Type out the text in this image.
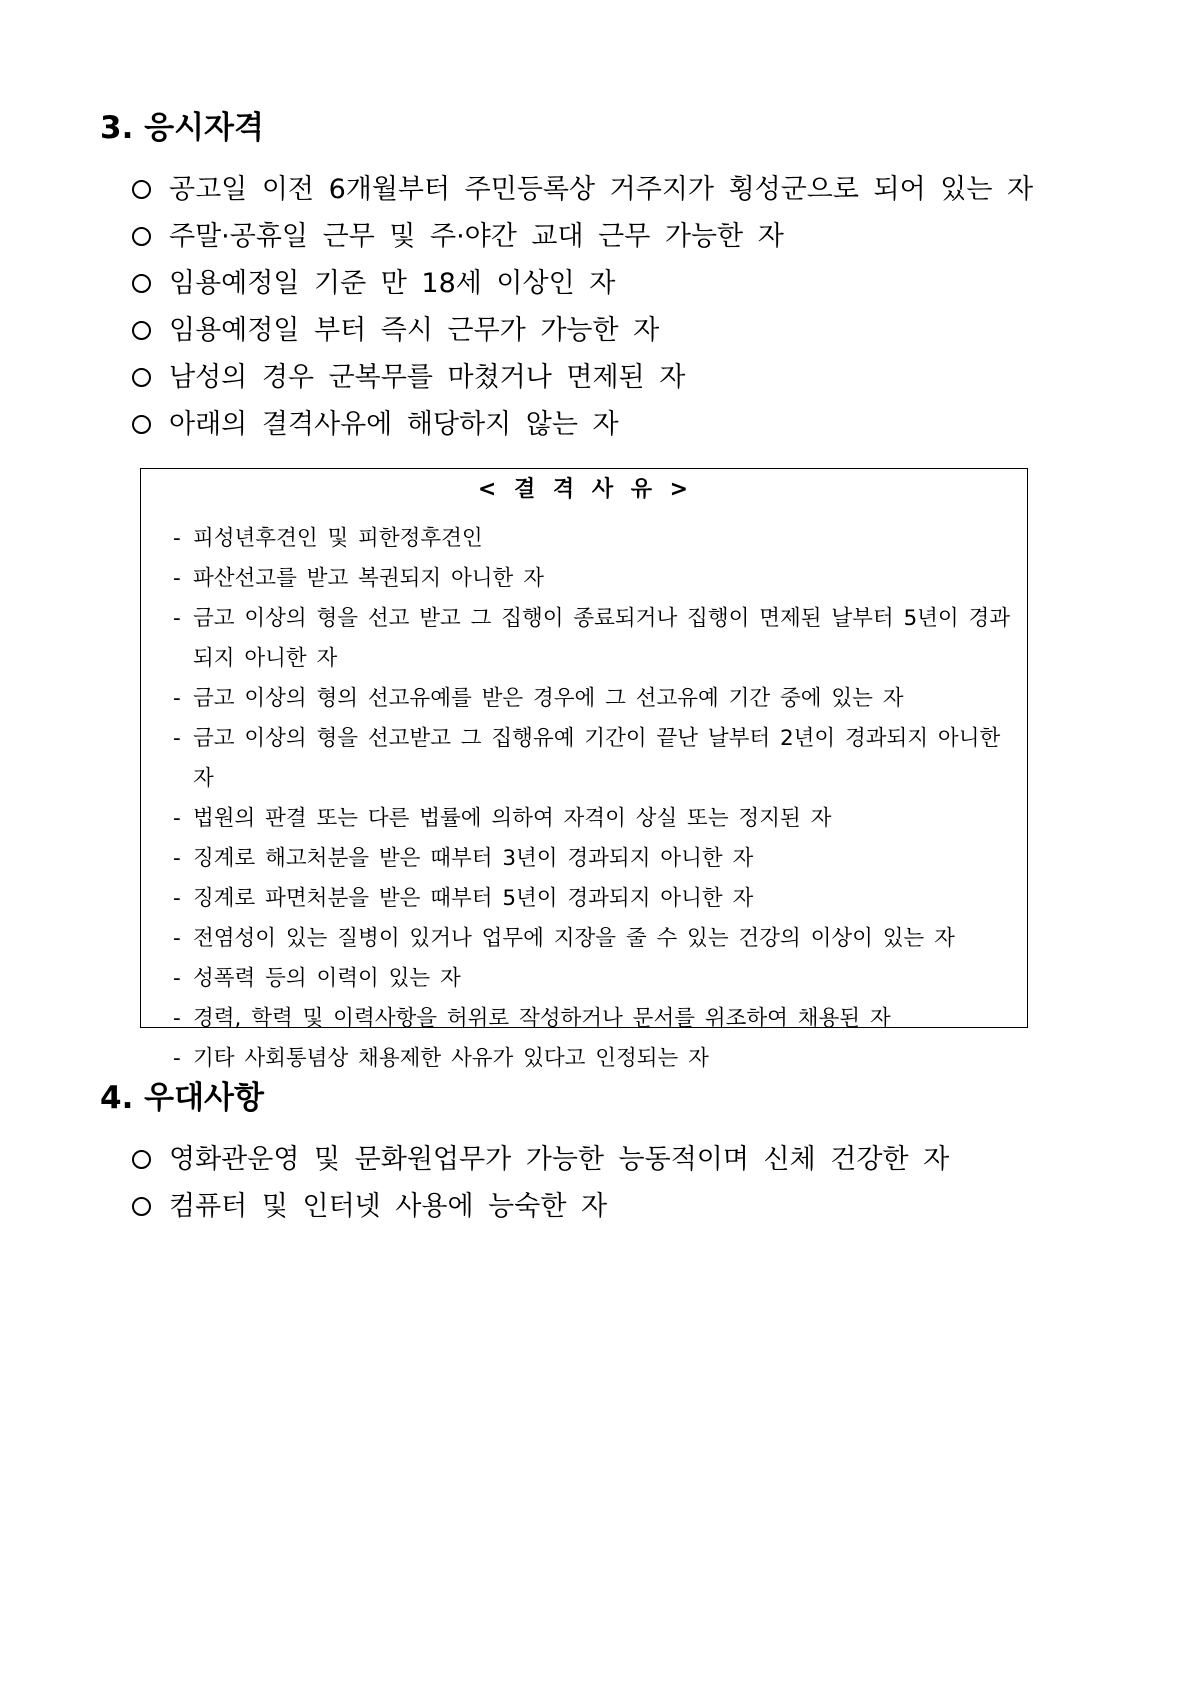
3. 응시자격
공고일 이전 6개월부터 주민등록상 거주지가 횡성군으로 되어 있는 자
주말·공휴일 근무 및 주·야간 교대 근무 가능한 자
임용예정일 기준 만 18세 이상인 자
임용예정일 부터 즉시 근무가 가능한 자
남성의 경우 군복무를 마쳤거나 면제된 자
아래의 결격사유에 해당하지 않는 자

< 결 격 사 유 >

- 피성년후견인 및 피한정후견인
- 파산선고를 받고 복권되지 아니한 자
- 금고 이상의 형을 선고 받고 그 집행이 종료되거나 집행이 면제된 날부터 5년이 경과되지 아니한 자
- 금고 이상의 형의 선고유예를 받은 경우에 그 선고유예 기간 중에 있는 자
- 금고 이상의 형을 선고받고 그 집행유예 기간이 끝난 날부터 2년이 경과되지 아니한 자
- 법원의 판결 또는 다른 법률에 의하여 자격이 상실 또는 정지된 자
- 징계로 해고처분을 받은 때부터 3년이 경과되지 아니한 자
- 징계로 파면처분을 받은 때부터 5년이 경과되지 아니한 자
- 전염성이 있는 질병이 있거나 업무에 지장을 줄 수 있는 건강의 이상이 있는 자
- 성폭력 등의 이력이 있는 자
- 경력, 학력 및 이력사항을 허위로 작성하거나 문서를 위조하여 채용된 자
- 기타 사회통념상 채용제한 사유가 있다고 인정되는 자
4. 우대사항
영화관운영 및 문화원업무가 가능한 능동적이며 신체 건강한 자
컴퓨터 및 인터넷 사용에 능숙한 자
